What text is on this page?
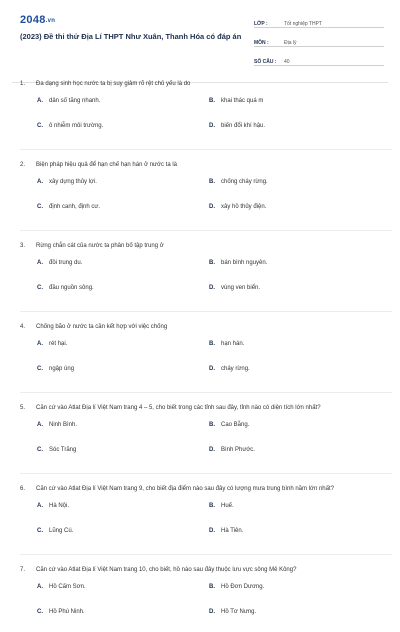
2048.vn
(2023) Đề thi thử Địa Lí THPT Như Xuân, Thanh Hóa có đáp án
LỚP :	Tốt nghiệp THPT
MÔN :	Địa lý
SỐ CÂU :	40
1.	Đa dạng sinh học nước ta bị suy giảm rõ rệt chủ yếu là do
A.	dân số tăng nhanh.	B.	khai thác quá m
C.	ô nhiễm môi trường.	D.	biến đổi khí hậu.
2.	Biện pháp hiệu quả để hạn chế hạn hán ở nước ta là
A.	xây dựng thủy lợi.	B.	chống cháy rừng.
C.	định canh, định cư.	D.	xây hồ thủy điện.
3.	Rừng chắn cát của nước ta phân bố tập trung ở
A.	đồi trung du.	B.	bán bình nguyên.
C.	đầu nguồn sông.	D.	vùng ven biển.
4.	Chống bão ở nước ta cần kết hợp với việc chống
A.	rét hại.	B.	hạn hán.
C.	ngập úng	D.	cháy rừng.
5.	Căn cứ vào Atlat Địa lí Việt Nam trang 4 – 5, cho biết trong các tỉnh sau đây, tỉnh nào có diện tích lớn nhất?
A.	Ninh Bình.	B.	Cao Bằng.
C.	Sóc Trăng	D.	Bình Phước.
6.	Căn cứ vào Atlat Địa lí Việt Nam trang 9, cho biết địa điểm nào sau đây có lượng mưa trung bình năm lớn nhất?
A.	Hà Nội.	B.	Huế.
C.	Lũng Cú.	D.	Hà Tiên.
7.	Căn cứ vào Atlat Địa lí Việt Nam trang 10, cho biết, hồ nào sau đây thuộc lưu vực sông Mê Kông?
A.	Hồ Cấm Sơn.	B.	Hồ Đơn Dương.
C.	Hồ Phú Ninh.	D.	Hồ Tơ Nưng.
